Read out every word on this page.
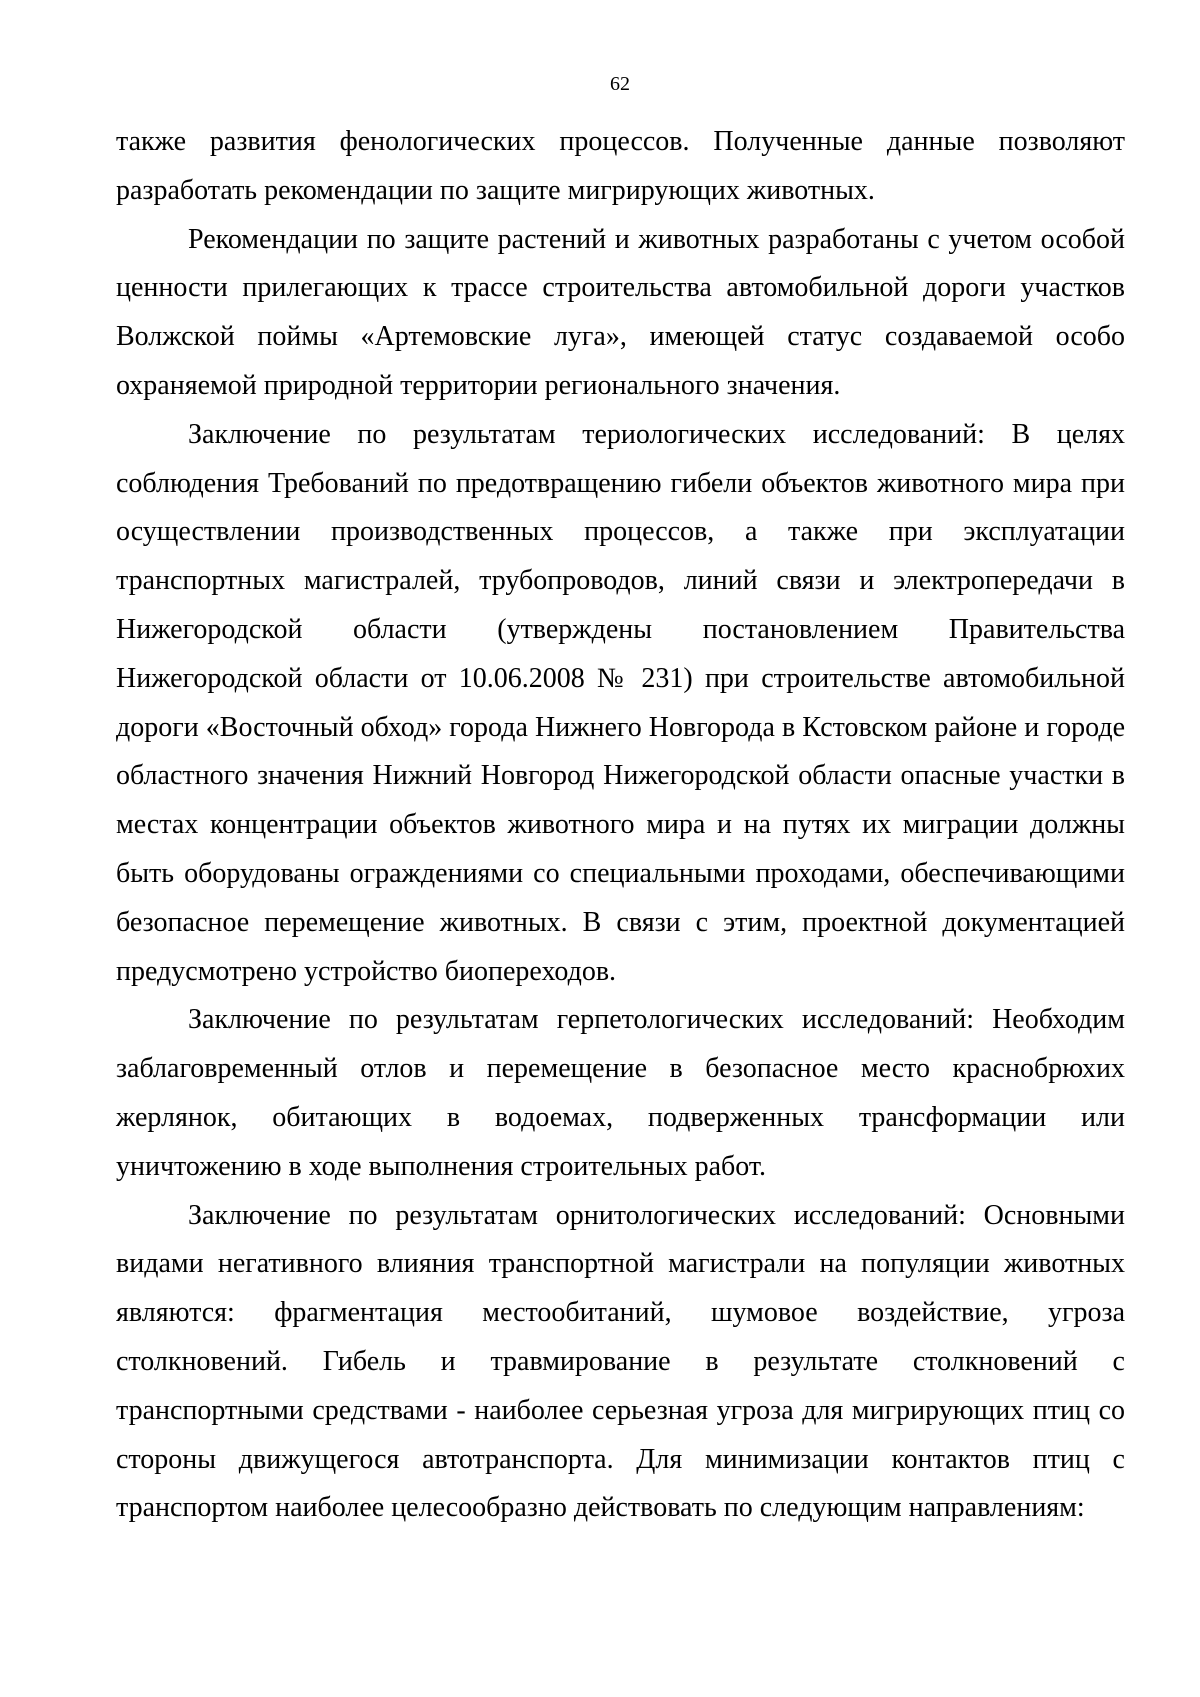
62

также развития фенологических процессов. Полученные данные позволяют разработать рекомендации по защите мигрирующих животных.

Рекомендации по защите растений и животных разработаны с учетом особой ценности прилегающих к трассе строительства автомобильной дороги участков Волжской поймы «Артемовские луга», имеющей статус создаваемой особо охраняемой природной территории регионального значения.

Заключение по результатам териологических исследований: В целях соблюдения Требований по предотвращению гибели объектов животного мира при осуществлении производственных процессов, а также при эксплуатации транспортных магистралей, трубопроводов, линий связи и электропередачи в Нижегородской области (утверждены постановлением Правительства Нижегородской области от 10.06.2008 № 231) при строительстве автомобильной дороги «Восточный обход» города Нижнего Новгорода в Кстовском районе и городе областного значения Нижний Новгород Нижегородской области опасные участки в местах концентрации объектов животного мира и на путях их миграции должны быть оборудованы ограждениями со специальными проходами, обеспечивающими безопасное перемещение животных. В связи с этим, проектной документацией предусмотрено устройство биопереходов.

Заключение по результатам герпетологических исследований: Необходим заблаговременный отлов и перемещение в безопасное место краснобрюхих жерлянок, обитающих в водоемах, подверженных трансформации или уничтожению в ходе выполнения строительных работ.

Заключение по результатам орнитологических исследований: Основными видами негативного влияния транспортной магистрали на популяции животных являются: фрагментация местообитаний, шумовое воздействие, угроза столкновений. Гибель и травмирование в результате столкновений с транспортными средствами - наиболее серьезная угроза для мигрирующих птиц со стороны движущегося автотранспорта. Для минимизации контактов птиц с транспортом наиболее целесообразно действовать по следующим направлениям:
